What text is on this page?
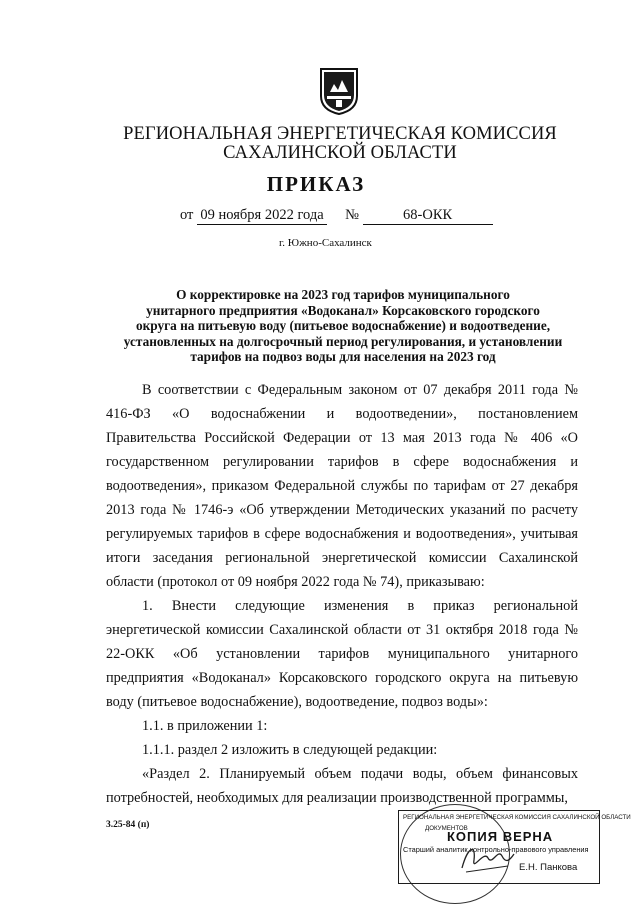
РЕГИОНАЛЬНАЯ ЭНЕРГЕТИЧЕСКАЯ КОМИССИЯ
САХАЛИНСКОЙ ОБЛАСТИ
ПРИКАЗ
от 09 ноября 2022 года №	68-ОКК
г. Южно-Сахалинск
О корректировке на 2023 год тарифов муниципального
унитарного предприятия «Водоканал» Корсаковского городского
округа на питьевую воду (питьевое водоснабжение) и водоотведение,
установленных на долгосрочный период регулирования, и установлении
тарифов на подвоз воды для населения на 2023 год

В соответствии с Федеральным законом от 07 декабря 2011 года № 416-ФЗ «О водоснабжении и водоотведении», постановлением Правительства Российской Федерации от 13 мая 2013 года № 406 «О государственном регулировании тарифов в сфере водоснабжения и водоотведения», приказом Федеральной службы по тарифам от 27 декабря 2013 года № 1746-э «Об утверждении Методических указаний по расчету регулируемых тарифов в сфере водоснабжения и водоотведения», учитывая итоги заседания региональной энергетической комиссии Сахалинской области (протокол от 09 ноября 2022 года № 74), приказываю:

1. Внести следующие изменения в приказ региональной энергетической комиссии Сахалинской области от 31 октября 2018 года № 22-ОКК «Об установлении тарифов муниципального унитарного предприятия «Водоканал» Корсаковского городского округа на питьевую воду (питьевое водоснабжение), водоотведение, подвоз воды»:

1.1. в приложении 1:

1.1.1. раздел 2 изложить в следующей редакции:

«Раздел 2. Планируемый объем подачи воды, объем финансовых потребностей, необходимых для реализации производственной программы,

3.25-84 (п)
РЕГИОНАЛЬНАЯ ЭНЕРГЕТИЧЕСКАЯ КОМИССИЯ САХАЛИНСКОЙ ОБЛАСТИ
ДОКУМЕНТОВ
КОПИЯ ВЕРНА
Старший аналитик контрольно-правового управления
Е.Н. Панкова
